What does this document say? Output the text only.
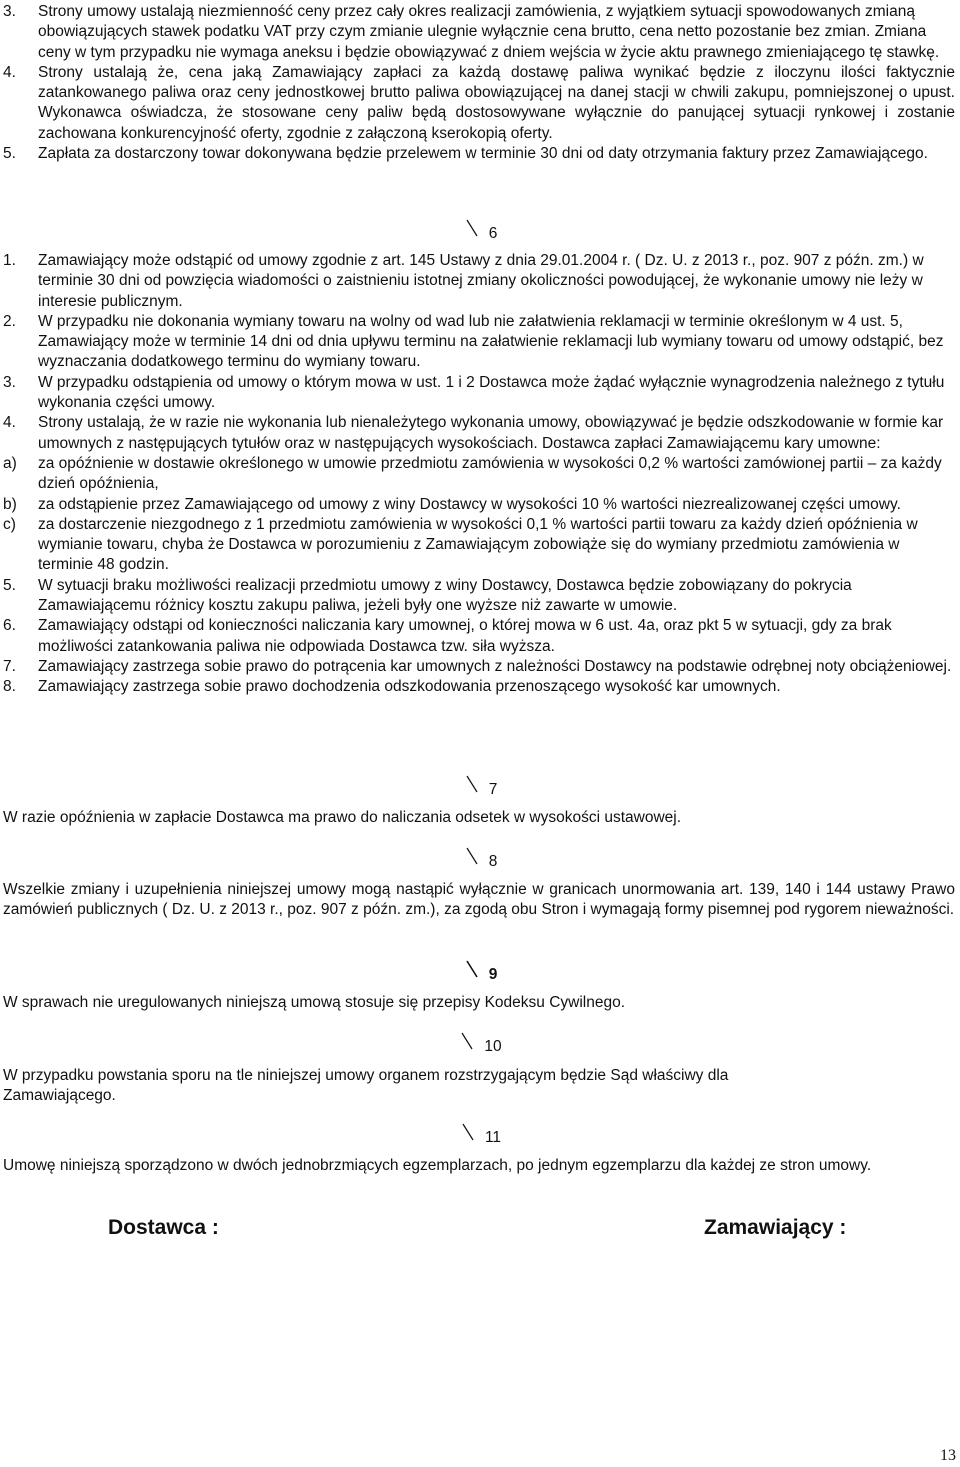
3. Strony umowy ustalają niezmienność ceny przez cały okres realizacji zamówienia, z wyjątkiem sytuacji spowodowanych zmianą obowiązujących stawek podatku VAT przy czym zmianie ulegnie wyłącznie cena brutto, cena netto pozostanie bez zmian. Zmiana ceny w tym przypadku nie wymaga aneksu i będzie obowiązywać z dniem wejścia w życie aktu prawnego zmieniającego tę stawkę.
4. Strony ustalają że, cena jaką Zamawiający zapłaci za każdą dostawę paliwa wynikać będzie z iloczynu ilości faktycznie zatankowanego paliwa oraz ceny jednostkowej brutto paliwa obowiązującej na danej stacji w chwili zakupu, pomniejszonej o upust. Wykonawca oświadcza, że stosowane ceny paliw będą dostosowywane wyłącznie do panującej sytuacji rynkowej i zostanie zachowana konkurencyjność oferty, zgodnie z załączoną kserokopią oferty.
5. Zapłata za dostarczony towar dokonywana będzie przelewem w terminie 30 dni od daty otrzymania faktury przez Zamawiającego.
6
1. Zamawiający może odstąpić od umowy zgodnie z art. 145 Ustawy z dnia 29.01.2004 r. ( Dz. U. z 2013 r., poz. 907 z późn. zm.) w terminie 30 dni od powzięcia wiadomości o zaistnieniu istotnej zmiany okoliczności powodującej, że wykonanie umowy nie leży w interesie publicznym.
2. W przypadku nie dokonania wymiany towaru na wolny od wad lub nie załatwienia reklamacji w terminie określonym w 4 ust. 5, Zamawiający może w terminie 14 dni od dnia upływu terminu na załatwienie reklamacji lub wymiany towaru od umowy odstąpić, bez wyznaczania dodatkowego terminu do wymiany towaru.
3. W przypadku odstąpienia od umowy o którym mowa w ust. 1 i 2 Dostawca może żądać wyłącznie wynagrodzenia należnego z tytułu wykonania części umowy.
4. Strony ustalają, że w razie nie wykonania lub nienależytego wykonania umowy, obowiązywać je będzie odszkodowanie w formie kar umownych z następujących tytułów oraz w następujących wysokościach. Dostawca zapłaci Zamawiającemu kary umowne:
a) za opóźnienie w dostawie określonego w umowie przedmiotu zamówienia w wysokości 0,2 % wartości zamówionej partii – za każdy dzień opóźnienia,
b) za odstąpienie przez Zamawiającego od umowy z winy Dostawcy w wysokości 10 % wartości niezrealizowanej części umowy.
c) za dostarczenie niezgodnego z 1 przedmiotu zamówienia w wysokości 0,1 % wartości partii towaru za każdy dzień opóźnienia w wymianie towaru, chyba że Dostawca w porozumieniu z Zamawiającym zobowiąże się do wymiany przedmiotu zamówienia w terminie 48 godzin.
5. W sytuacji braku możliwości realizacji przedmiotu umowy z winy Dostawcy, Dostawca będzie zobowiązany do pokrycia Zamawiającemu różnicy kosztu zakupu paliwa, jeżeli były one wyższe niż zawarte w umowie.
6. Zamawiający odstąpi od konieczności naliczania kary umownej, o której mowa w 6 ust. 4a, oraz pkt 5 w sytuacji, gdy za brak możliwości zatankowania paliwa nie odpowiada Dostawca tzw. siła wyższa.
7. Zamawiający zastrzega sobie prawo do potrącenia kar umownych z należności Dostawcy na podstawie odrębnej noty obciążeniowej.
8. Zamawiający zastrzega sobie prawo dochodzenia odszkodowania przenoszącego wysokość kar umownych.
7

W razie opóźnienia w zapłacie Dostawca ma prawo do naliczania odsetek w wysokości ustawowej.

8

Wszelkie zmiany i uzupełnienia niniejszej umowy mogą nastąpić wyłącznie w granicach unormowania art. 139, 140 i 144 ustawy Prawo zamówień publicznych ( Dz. U. z 2013 r., poz. 907 z późn. zm.), za zgodą obu Stron i wymagają formy pisemnej pod rygorem nieważności.

9

W sprawach nie uregulowanych niniejszą umową stosuje się przepisy Kodeksu Cywilnego.

10

W przypadku powstania sporu na tle niniejszej umowy organem rozstrzygającym będzie Sąd właściwy dla Zamawiającego.

11

Umowę niniejszą sporządzono w dwóch jednobrzmiących egzemplarzach, po jednym egzemplarzu dla każdej ze stron umowy.

Dostawca :	Zamawiający :
13
